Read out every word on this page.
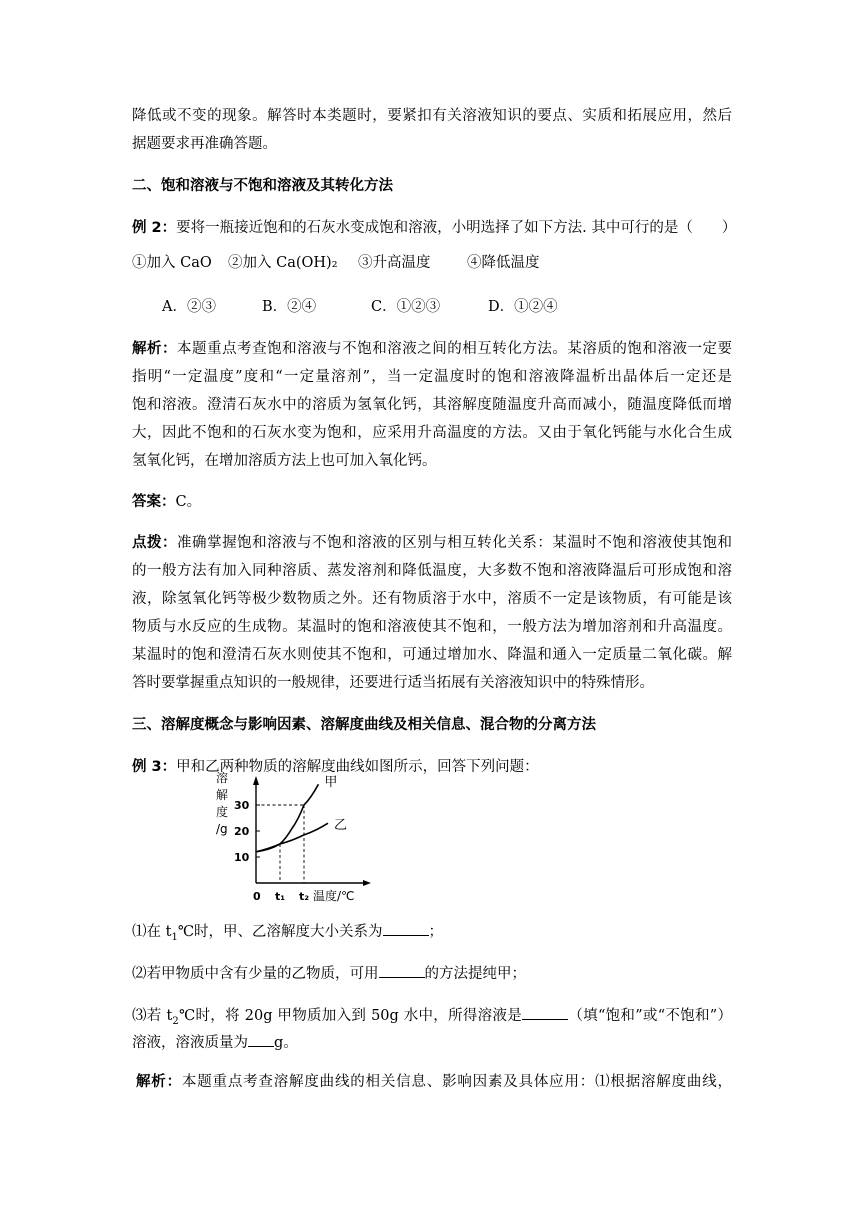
降低或不变的现象。解答时本类题时，要紧扣有关溶液知识的要点、实质和拓展应用，然后
据题要求再准确答题。
二、饱和溶液与不饱和溶液及其转化方法
例 2：要将一瓶接近饱和的石灰水变成饱和溶液，小明选择了如下方法. 其中可行的是（　　）
①加入 CaO ②加入 Ca(OH)₂ ③升高温度	④降低温度
A．②③	B．②④	C．①②③	D．①②④
解析：本题重点考查饱和溶液与不饱和溶液之间的相互转化方法。某溶质的饱和溶液一定要
指明“一定温度”度和“一定量溶剂”，当一定温度时的饱和溶液降温析出晶体后一定还是
饱和溶液。澄清石灰水中的溶质为氢氧化钙，其溶解度随温度升高而减小，随温度降低而增
大，因此不饱和的石灰水变为饱和，应采用升高温度的方法。又由于氧化钙能与水化合生成
氢氧化钙，在增加溶质方法上也可加入氧化钙。
答案：C。
点拨：准确掌握饱和溶液与不饱和溶液的区别与相互转化关系：某温时不饱和溶液使其饱和
的一般方法有加入同种溶质、蒸发溶剂和降低温度，大多数不饱和溶液降温后可形成饱和溶
液，除氢氧化钙等极少数物质之外。还有物质溶于水中，溶质不一定是该物质，有可能是该
物质与水反应的生成物。某温时的饱和溶液使其不饱和，一般方法为增加溶剂和升高温度。
某温时的饱和澄清石灰水则使其不饱和，可通过增加水、降温和通入一定质量二氧化碳。解
答时要掌握重点知识的一般规律，还要进行适当拓展有关溶液知识中的特殊情形。
三、溶解度概念与影响因素、溶解度曲线及相关信息、混合物的分离方法
例 3：甲和乙两种物质的溶解度曲线如图所示，回答下列问题：
10
20
30
0 t₁ t₂ 温度/℃
溶
解
度
/g
甲
乙
⑴在 $t_1℃$时，甲、乙溶解度大小关系为	；
⑵若甲物质中含有少量的乙物质，可用	的方法提纯甲；
⑶若 $t_2℃$时，将 20g 甲物质加入到 50g 水中，所得溶液是	（填“饱和”或“不饱和”）
溶液，溶液质量为 g。
解析：本题重点考查溶解度曲线的相关信息、影响因素及具体应用：⑴根据溶解度曲线，
